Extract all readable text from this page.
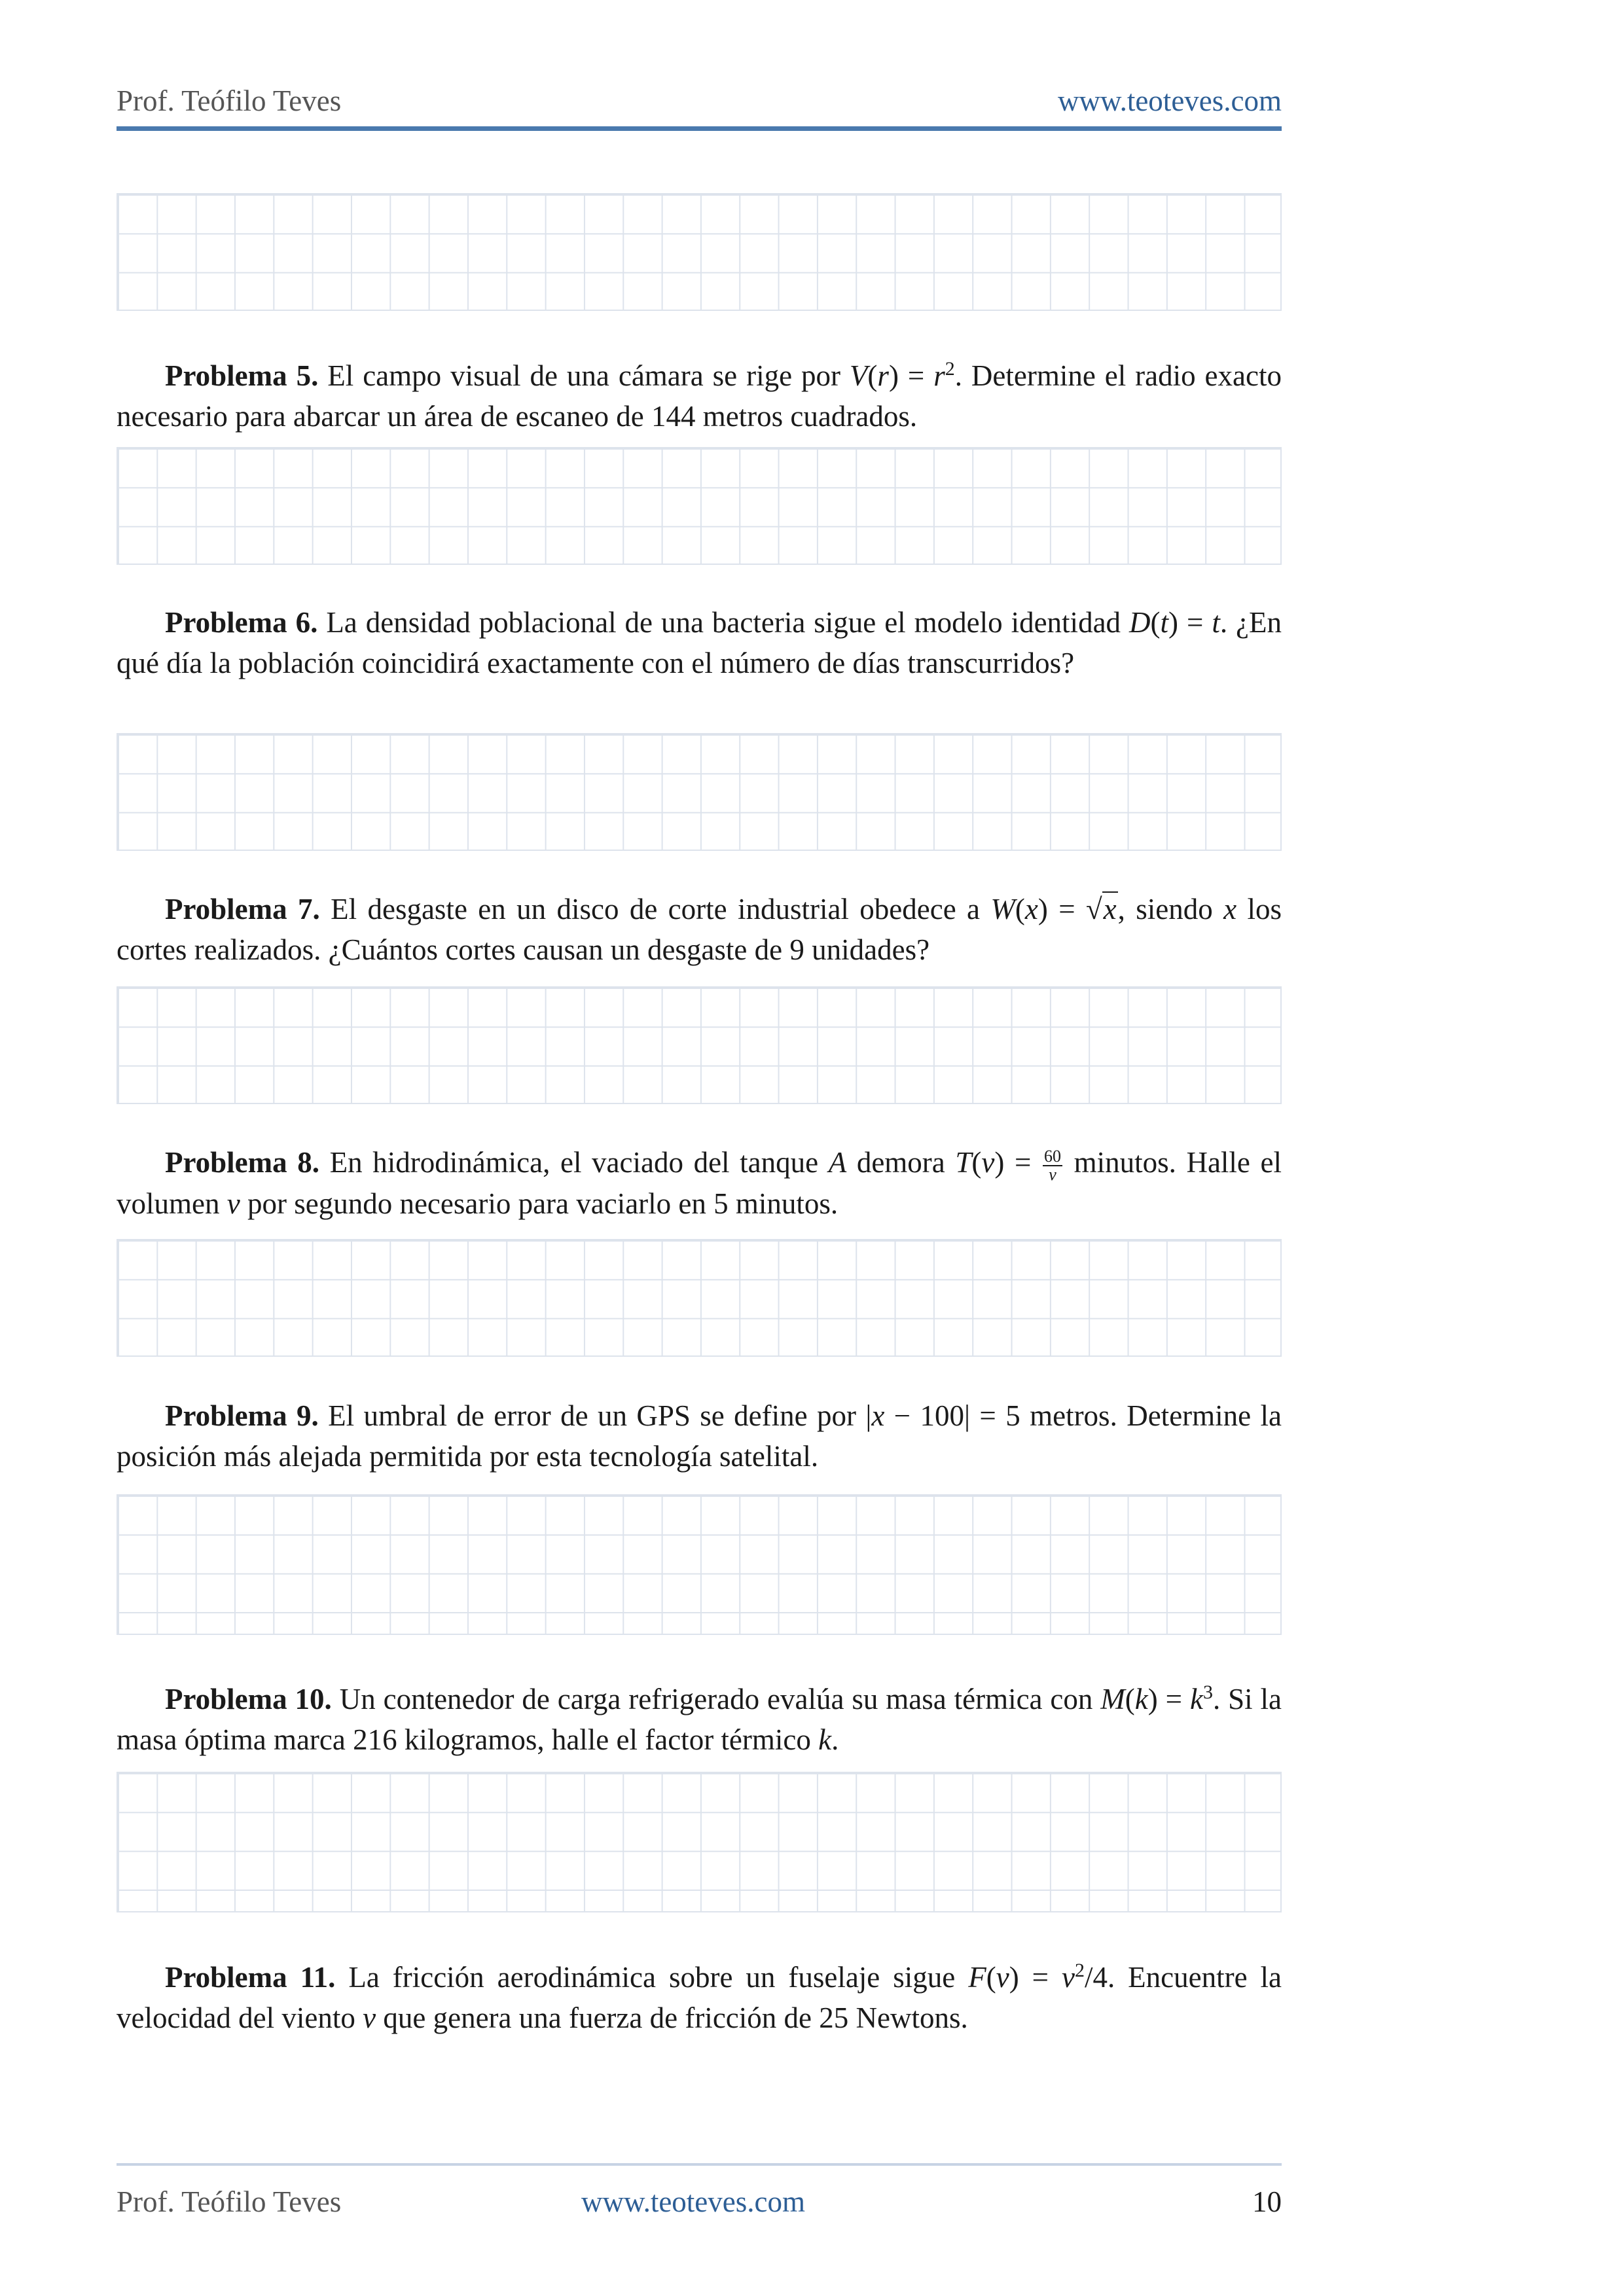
Prof. Teófilo Teves	www.teoteves.com
Problema 5. El campo visual de una cámara se rige por $V(r) = r^2$. Determine el radio exacto necesario para abarcar un área de escaneo de 144 metros cuadrados.
Problema 6. La densidad poblacional de una bacteria sigue el modelo identidad D(t) = t. ¿En qué día la población coincidirá exactamente con el número de días transcurridos?
Problema 7. El desgaste en un disco de corte industrial obedece a W(x) = √x, siendo x los cortes realizados. ¿Cuántos cortes causan un desgaste de 9 unidades?
Problema 8. En hidrodinámica, el vaciado del tanque A demora $T(v) = \frac{60}{v}$ minutos. Halle el volumen v por segundo necesario para vaciarlo en 5 minutos.
Problema 9. El umbral de error de un GPS se define por |x − 100| = 5 metros. Determine la posición más alejada permitida por esta tecnología satelital.
Problema 10. Un contenedor de carga refrigerado evalúa su masa térmica con $M(k) = k^3$. Si la masa óptima marca 216 kilogramos, halle el factor térmico k.
Problema 11. La fricción aerodinámica sobre un fuselaje sigue $F(v) = v^2/4$. Encuentre la velocidad del viento v que genera una fuerza de fricción de 25 Newtons.
Prof. Teófilo Teves	www.teoteves.com	10
